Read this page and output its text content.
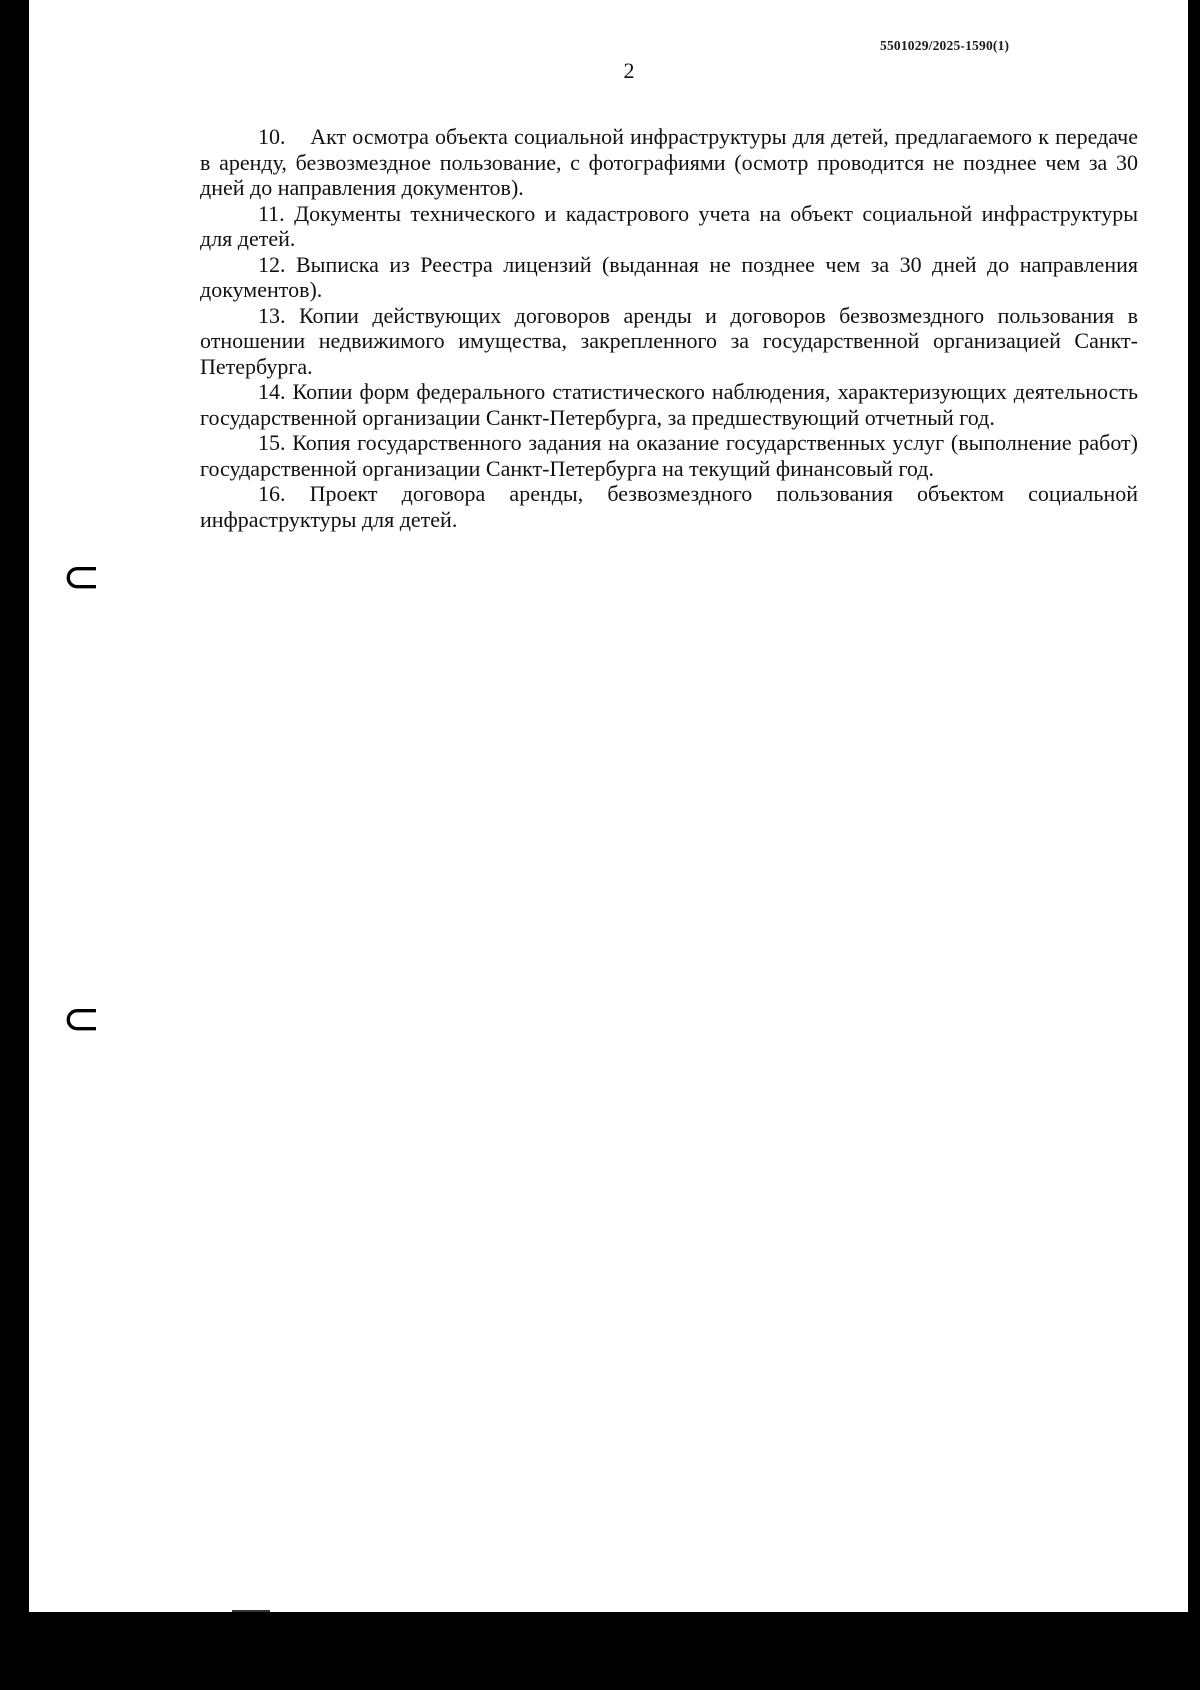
5501029/2025-1590(1)
2
10. Акт осмотра объекта социальной инфраструктуры для детей, предлагаемого к передаче в аренду, безвозмездное пользование, с фотографиями (осмотр проводится не позднее чем за 30 дней до направления документов).
11. Документы технического и кадастрового учета на объект социальной инфраструктуры для детей.
12. Выписка из Реестра лицензий (выданная не позднее чем за 30 дней до направления документов).
13. Копии действующих договоров аренды и договоров безвозмездного пользования в отношении недвижимого имущества, закрепленного за государственной организацией Санкт-Петербурга.
14. Копии форм федерального статистического наблюдения, характеризующих деятельность государственной организации Санкт-Петербурга, за предшествующий отчетный год.
15. Копия государственного задания на оказание государственных услуг (выполнение работ) государственной организации Санкт-Петербурга на текущий финансовый год.
16. Проект договора аренды, безвозмездного пользования объектом социальной инфраструктуры для детей.
⊂
⊂
